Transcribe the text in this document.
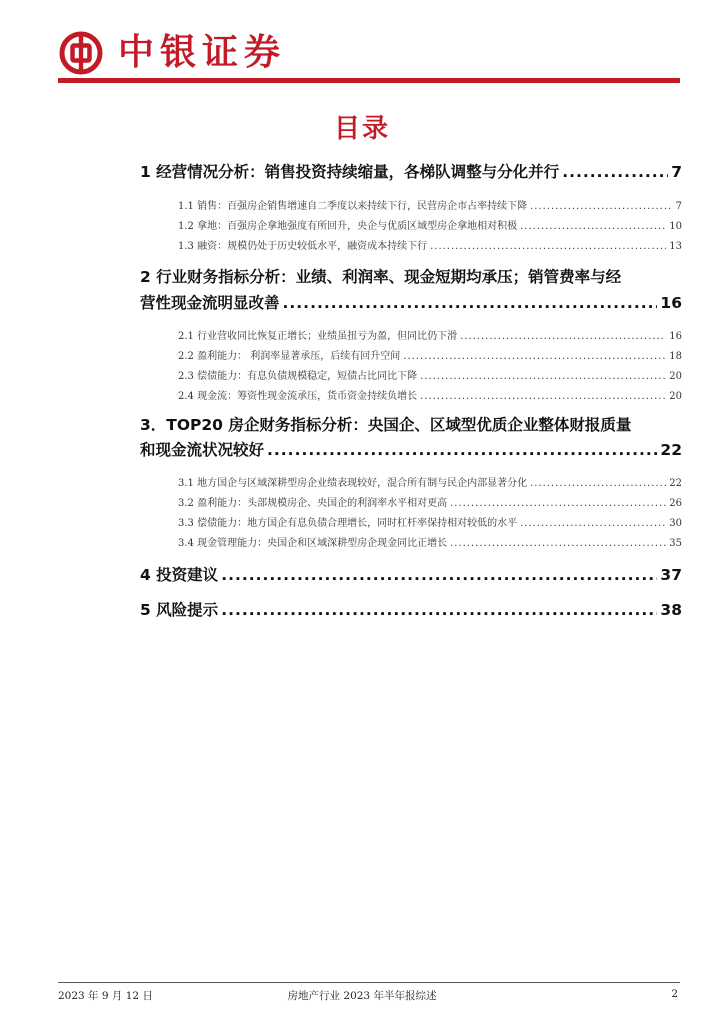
中银证券
目录
1 经营情况分析：销售投资持续缩量，各梯队调整与分化并行 .....	7
1.1 销售：百强房企销售增速自二季度以来持续下行，民营房企市占率持续下降 .....	7
1.2 拿地：百强房企拿地强度有所回升，央企与优质区域型房企拿地相对积极 .....	10
1.3 融资：规模仍处于历史较低水平，融资成本持续下行 .....	13
2 行业财务指标分析：业绩、利润率、现金短期均承压；销管费率与经
营性现金流明显改善 .....	16
2.1 行业营收同比恢复正增长；业绩虽扭亏为盈，但同比仍下滑 .....	16
2.2 盈利能力： 利润率显著承压，后续有回升空间 .....	18
2.3 偿债能力：有息负债规模稳定，短债占比同比下降 .....	20
2.4 现金流：筹资性现金流承压，货币资金持续负增长 .....	20
3．TOP20 房企财务指标分析：央国企、区域型优质企业整体财报质量
和现金流状况较好 .....	22
3.1 地方国企与区域深耕型房企业绩表现较好，混合所有制与民企内部显著分化 .....	22
3.2 盈利能力：头部规模房企、央国企的利润率水平相对更高 .....	26
3.3 偿债能力：地方国企有息负债合理增长，同时杠杆率保持相对较低的水平 .....	30
3.4 现金管理能力：央国企和区域深耕型房企现金同比正增长 .....	35
4 投资建议 .....	37
5 风险提示 .....	38
2023 年 9 月 12 日	房地产行业 2023 年半年报综述	2
